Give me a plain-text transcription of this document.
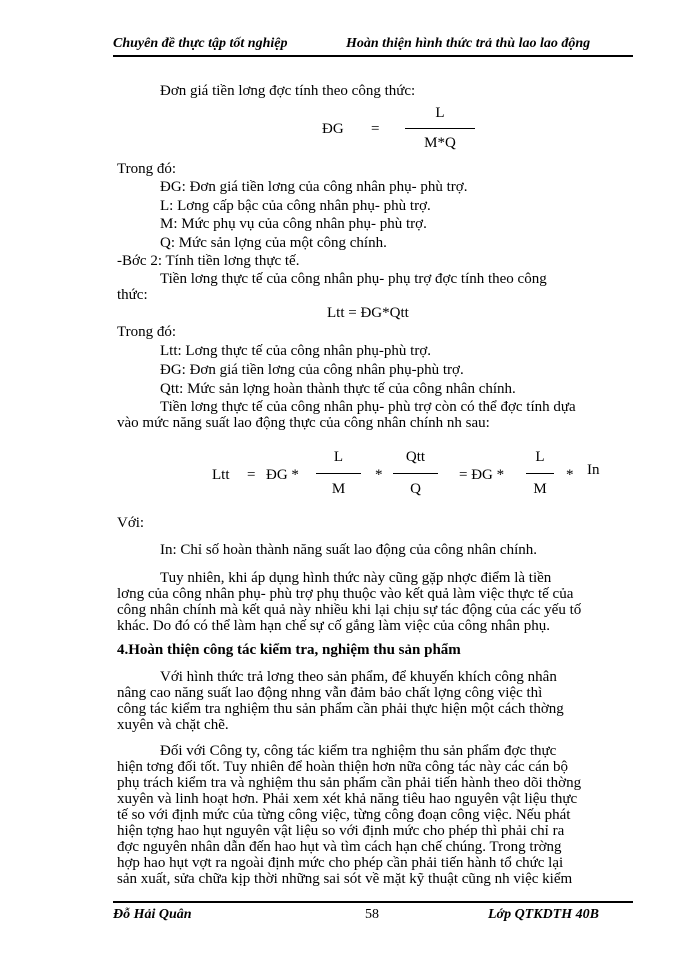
Chuyên đề thực tập tốt nghiệp	Hoàn thiện hình thức trả thù lao lao động
Đơn giá tiền lơng đợc tính theo công thức:
ĐG =
L
M*Q
Trong đó:
ĐG: Đơn giá tiền lơng của công nhân phụ- phù trợ.
L: Lơng cấp bậc của công nhân phụ- phù trợ.
M: Mức phụ vụ của công nhân phụ- phù trợ.
Q: Mức sản lợng của một công chính.
-Bớc 2: Tính tiền lơng thực tế.
Tiền lơng thực tế của công nhân phụ- phụ trợ đợc tính theo công
thức:
Ltt = ĐG*Qtt
Trong đó:
Ltt: Lơng thực tế của công nhân phụ-phù trợ.
ĐG: Đơn giá tiền lơng của công nhân phụ-phù trợ.
Qtt: Mức sản lợng hoàn thành thực tế của công nhân chính.
Tiền lơng thực tế của công nhân phụ- phù trợ còn có thể đợc tính dựa
vào mức năng suất lao động thực của công nhân chính nh sau:
Ltt = ĐG *
L
M
*
Qtt
Q
= ĐG *
L
M
* In
Với:
In: Chỉ số hoàn thành năng suất lao động của công nhân chính.
Tuy nhiên, khi áp dụng hình thức này cũng gặp nhợc điểm là tiền
lơng của công nhân phụ- phù trợ phụ thuộc vào kết quả làm việc thực tế của
công nhân chính mà kết quả này nhiều khi lại chịu sự tác động của các yếu tố
khác. Do đó có thể làm hạn chế sự cố gắng làm việc của công nhân phụ.
4.Hoàn thiện công tác kiểm tra, nghiệm thu sản phẩm
Với hình thức trả lơng theo sản phẩm, để khuyến khích công nhân
nâng cao năng suất lao động nhng vẫn đảm bảo chất lợng công việc thì
công tác kiểm tra nghiệm thu sản phẩm cần phải thực hiện một cách thờng
xuyên và chặt chẽ.
Đối với Công ty, công tác kiểm tra nghiệm thu sản phẩm đợc thực
hiện tơng đối tốt. Tuy nhiên để hoàn thiện hơn nữa công tác này các cán bộ
phụ trách kiểm tra và nghiệm thu sản phẩm cần phải tiến hành theo dõi thờng
xuyên và linh hoạt hơn. Phải xem xét khả năng tiêu hao nguyên vật liệu thực
tế so với định mức của từng công việc, từng công đoạn công việc. Nếu phát
hiện tợng hao hụt nguyên vật liệu so với định mức cho phép thì phải chỉ ra
đợc nguyên nhân dẫn đến hao hụt và tìm cách hạn chế chúng. Trong trờng
hợp hao hụt vợt ra ngoài định mức cho phép cần phải tiến hành tổ chức lại
sản xuất, sửa chữa kịp thời những sai sót về mặt kỹ thuật cũng nh việc kiểm
Đỗ Hải Quân	58	Lớp QTKDTH 40B
